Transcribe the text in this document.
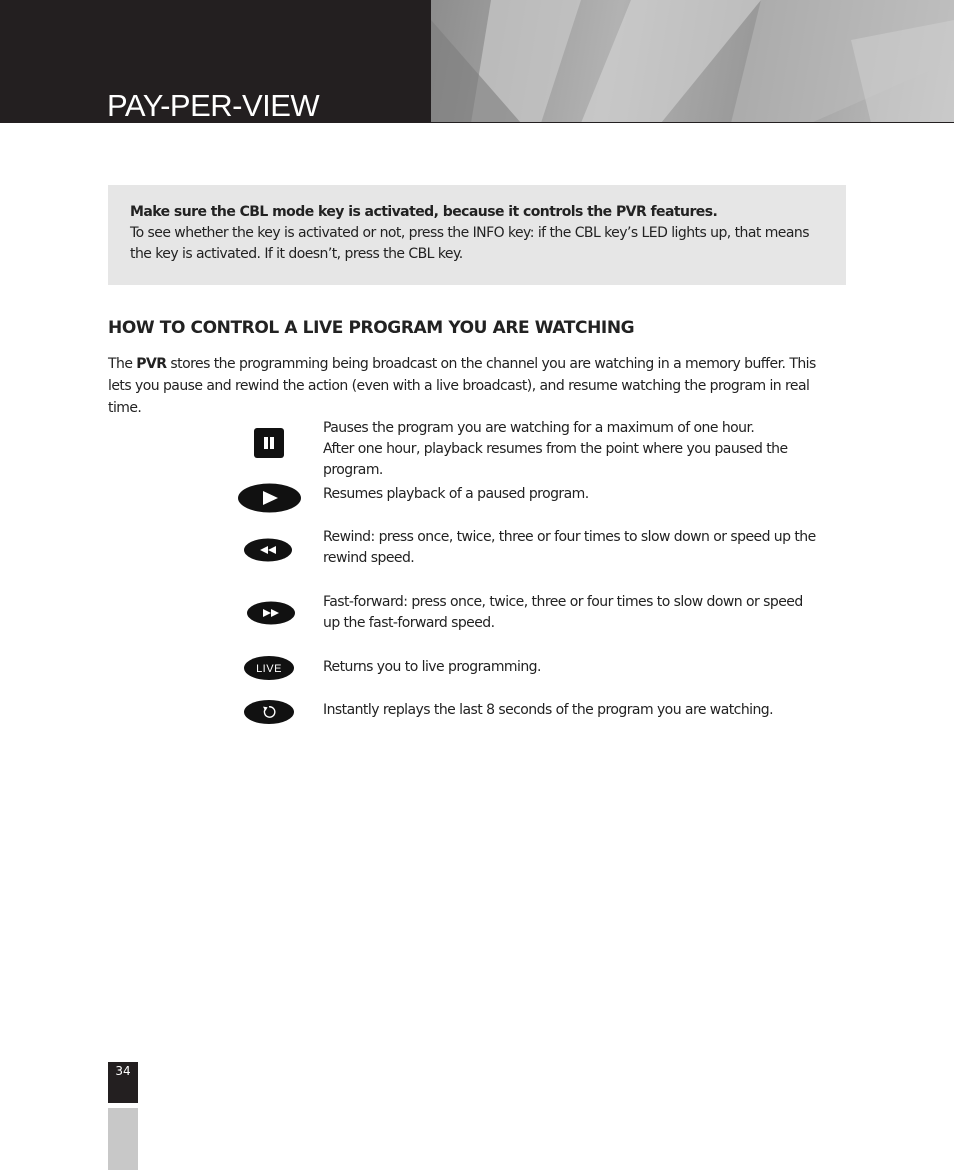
PAY-PER-VIEW
Make sure the CBL mode key is activated, because it controls the PVR features.
To see whether the key is activated or not, press the INFO key: if the CBL key’s LED lights up, that means the key is activated. If it doesn’t, press the CBL key.
HOW TO CONTROL A LIVE PROGRAM YOU ARE WATCHING

The PVR stores the programming being broadcast on the channel you are watching in a memory buffer. This lets you pause and rewind the action (even with a live broadcast), and resume watching the program in real time.

Pauses the program you are watching for a maximum of one hour.
After one hour, playback resumes from the point where you paused the program.

Resumes playback of a paused program.

Rewind: press once, twice, three or four times to slow down or speed up the
rewind speed.

Fast-forward: press once, twice, three or four times to slow down or speed
up the fast-forward speed.

LIVE	Returns you to live programming.

Instantly replays the last 8 seconds of the program you are watching.

34
